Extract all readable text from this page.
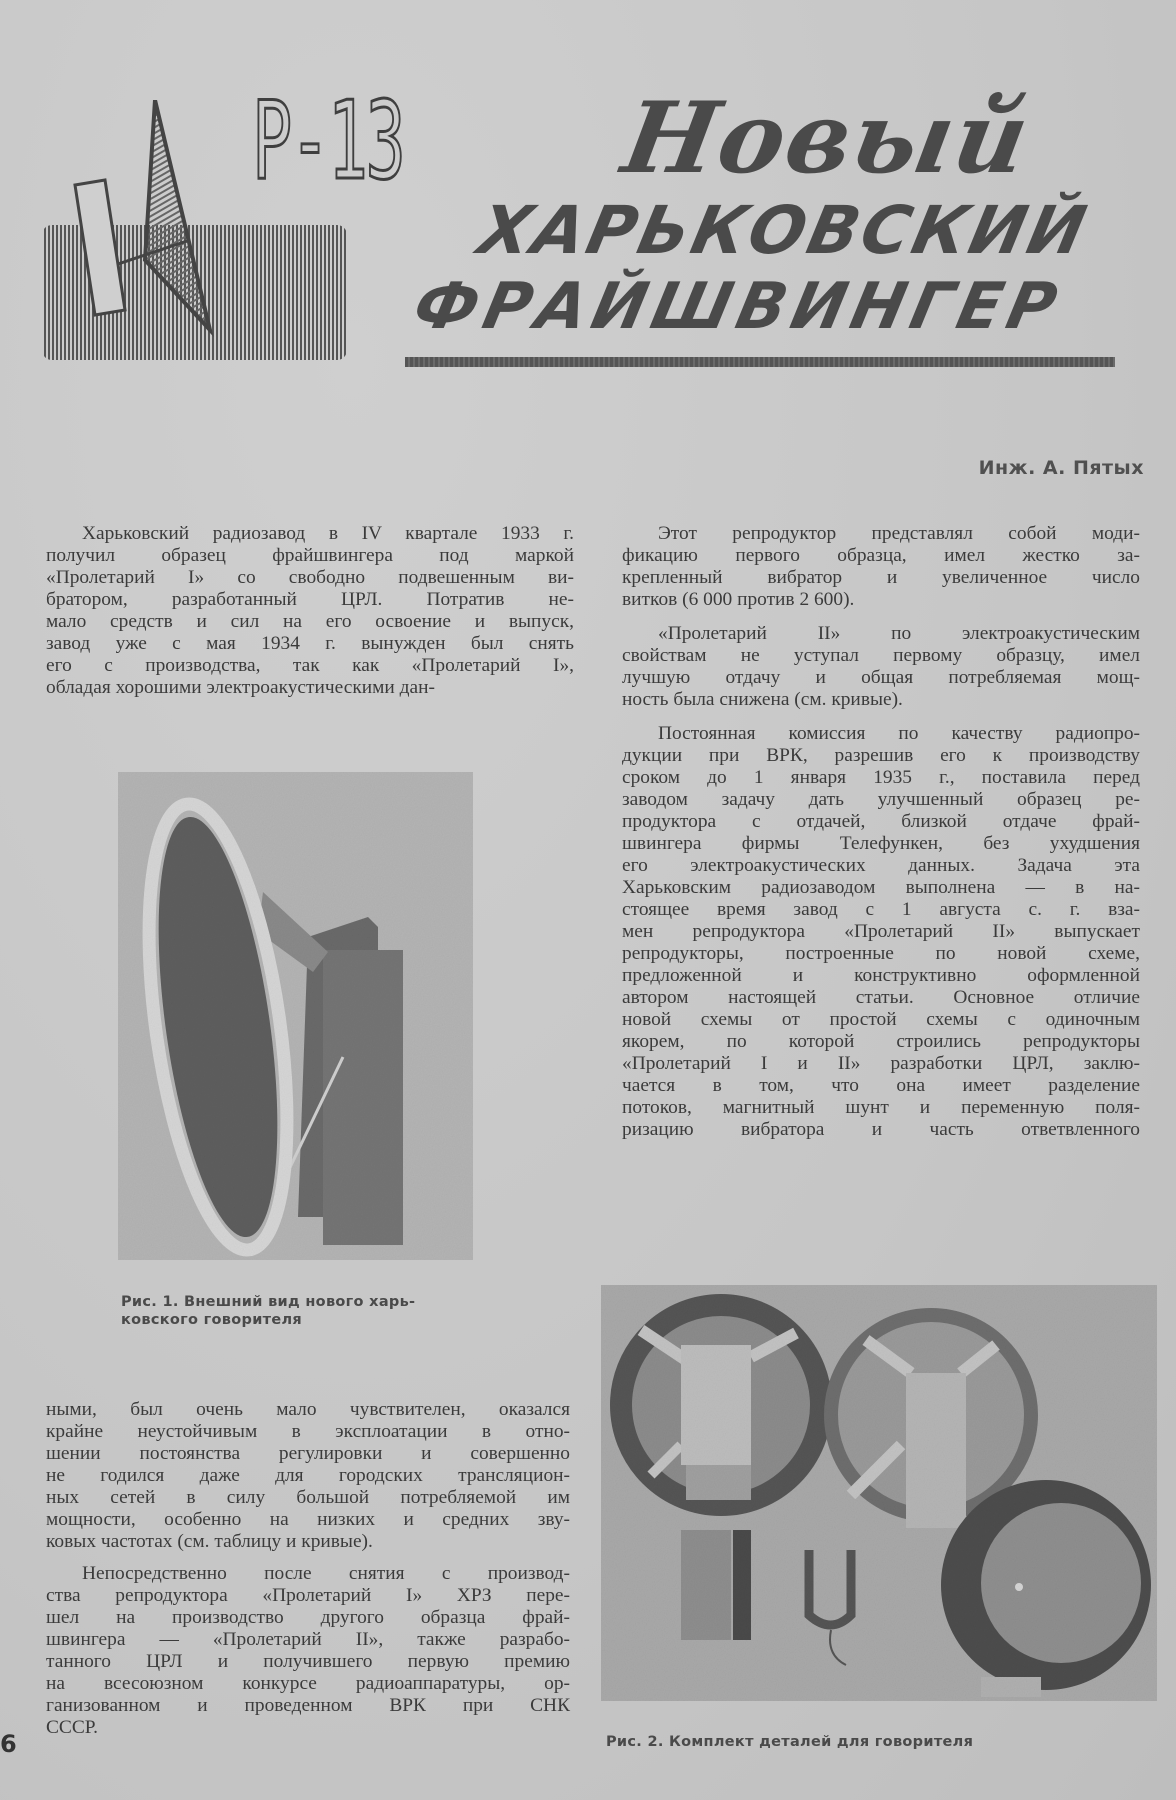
Р-13 Новый
ХАРЬКОВСКИЙ
ФРАЙШВИНГЕР
Инж. А. Пятых

Харьковский радиозавод в IV квартале 1933 г.
получил образец фрайшвингера под маркой
«Пролетарий I» со свободно подвешенным ви-
братором, разработанный ЦРЛ. Потратив не-
мало средств и сил на его освоение и выпуск,
завод уже с мая 1934 г. вынужден был снять
его с производства, так как «Пролетарий I»,
обладая хорошими электроакустическими дан-

Этот репродуктор представлял собой моди-
фикацию первого образца, имел жестко за-
крепленный вибратор и увеличенное число
витков (6 000 против 2 600).

«Пролетарий II» по электроакустическим
свойствам не уступал первому образцу, имел
лучшую отдачу и общая потребляемая мощ-
ность была снижена (см. кривые).

Постоянная комиссия по качеству радиопро-
дукции при ВРК, разрешив его к производству
сроком до 1 января 1935 г., поставила перед
заводом задачу дать улучшенный образец ре-
продуктора с отдачей, близкой отдаче фрай-
швингера фирмы Телефункен, без ухудшения
его электроакустических данных. Задача эта
Харьковским радиозаводом выполнена — в на-
стоящее время завод с 1 августа с. г. вза-
мен репродуктора «Пролетарий II» выпускает
репродукторы, построенные по новой схеме,
предложенной и конструктивно оформленной
автором настоящей статьи. Основное отличие
новой схемы от простой схемы с одиночным
якорем, по которой строились репродукторы
«Пролетарий I и II» разработки ЦРЛ, заклю-
чается в том, что она имеет разделение
потоков, магнитный шунт и переменную поля-
ризацию вибратора и часть ответвленного

Рис. 1. Внешний вид нового харь-
ковского говорителя

ными, был очень мало чувствителен, оказался
крайне неустойчивым в эксплоатации в отно-
шении постоянства регулировки и совершенно
не годился даже для городских трансляцион-
ных сетей в силу большой потребляемой им
мощности, особенно на низких и средних зву-
ковых частотах (см. таблицу и кривые).

Непосредственно после снятия с производ-
ства репродуктора «Пролетарий I» ХРЗ пере-
шел на производство другого образца фрай-
швингера — «Пролетарий II», также разрабо-
танного ЦРЛ и получившего первую премию
на всесоюзном конкурсе радиоаппаратуры, ор-
ганизованном и проведенном ВРК при СНК
СССР.

Рис. 2. Комплект деталей для говорителя
6
